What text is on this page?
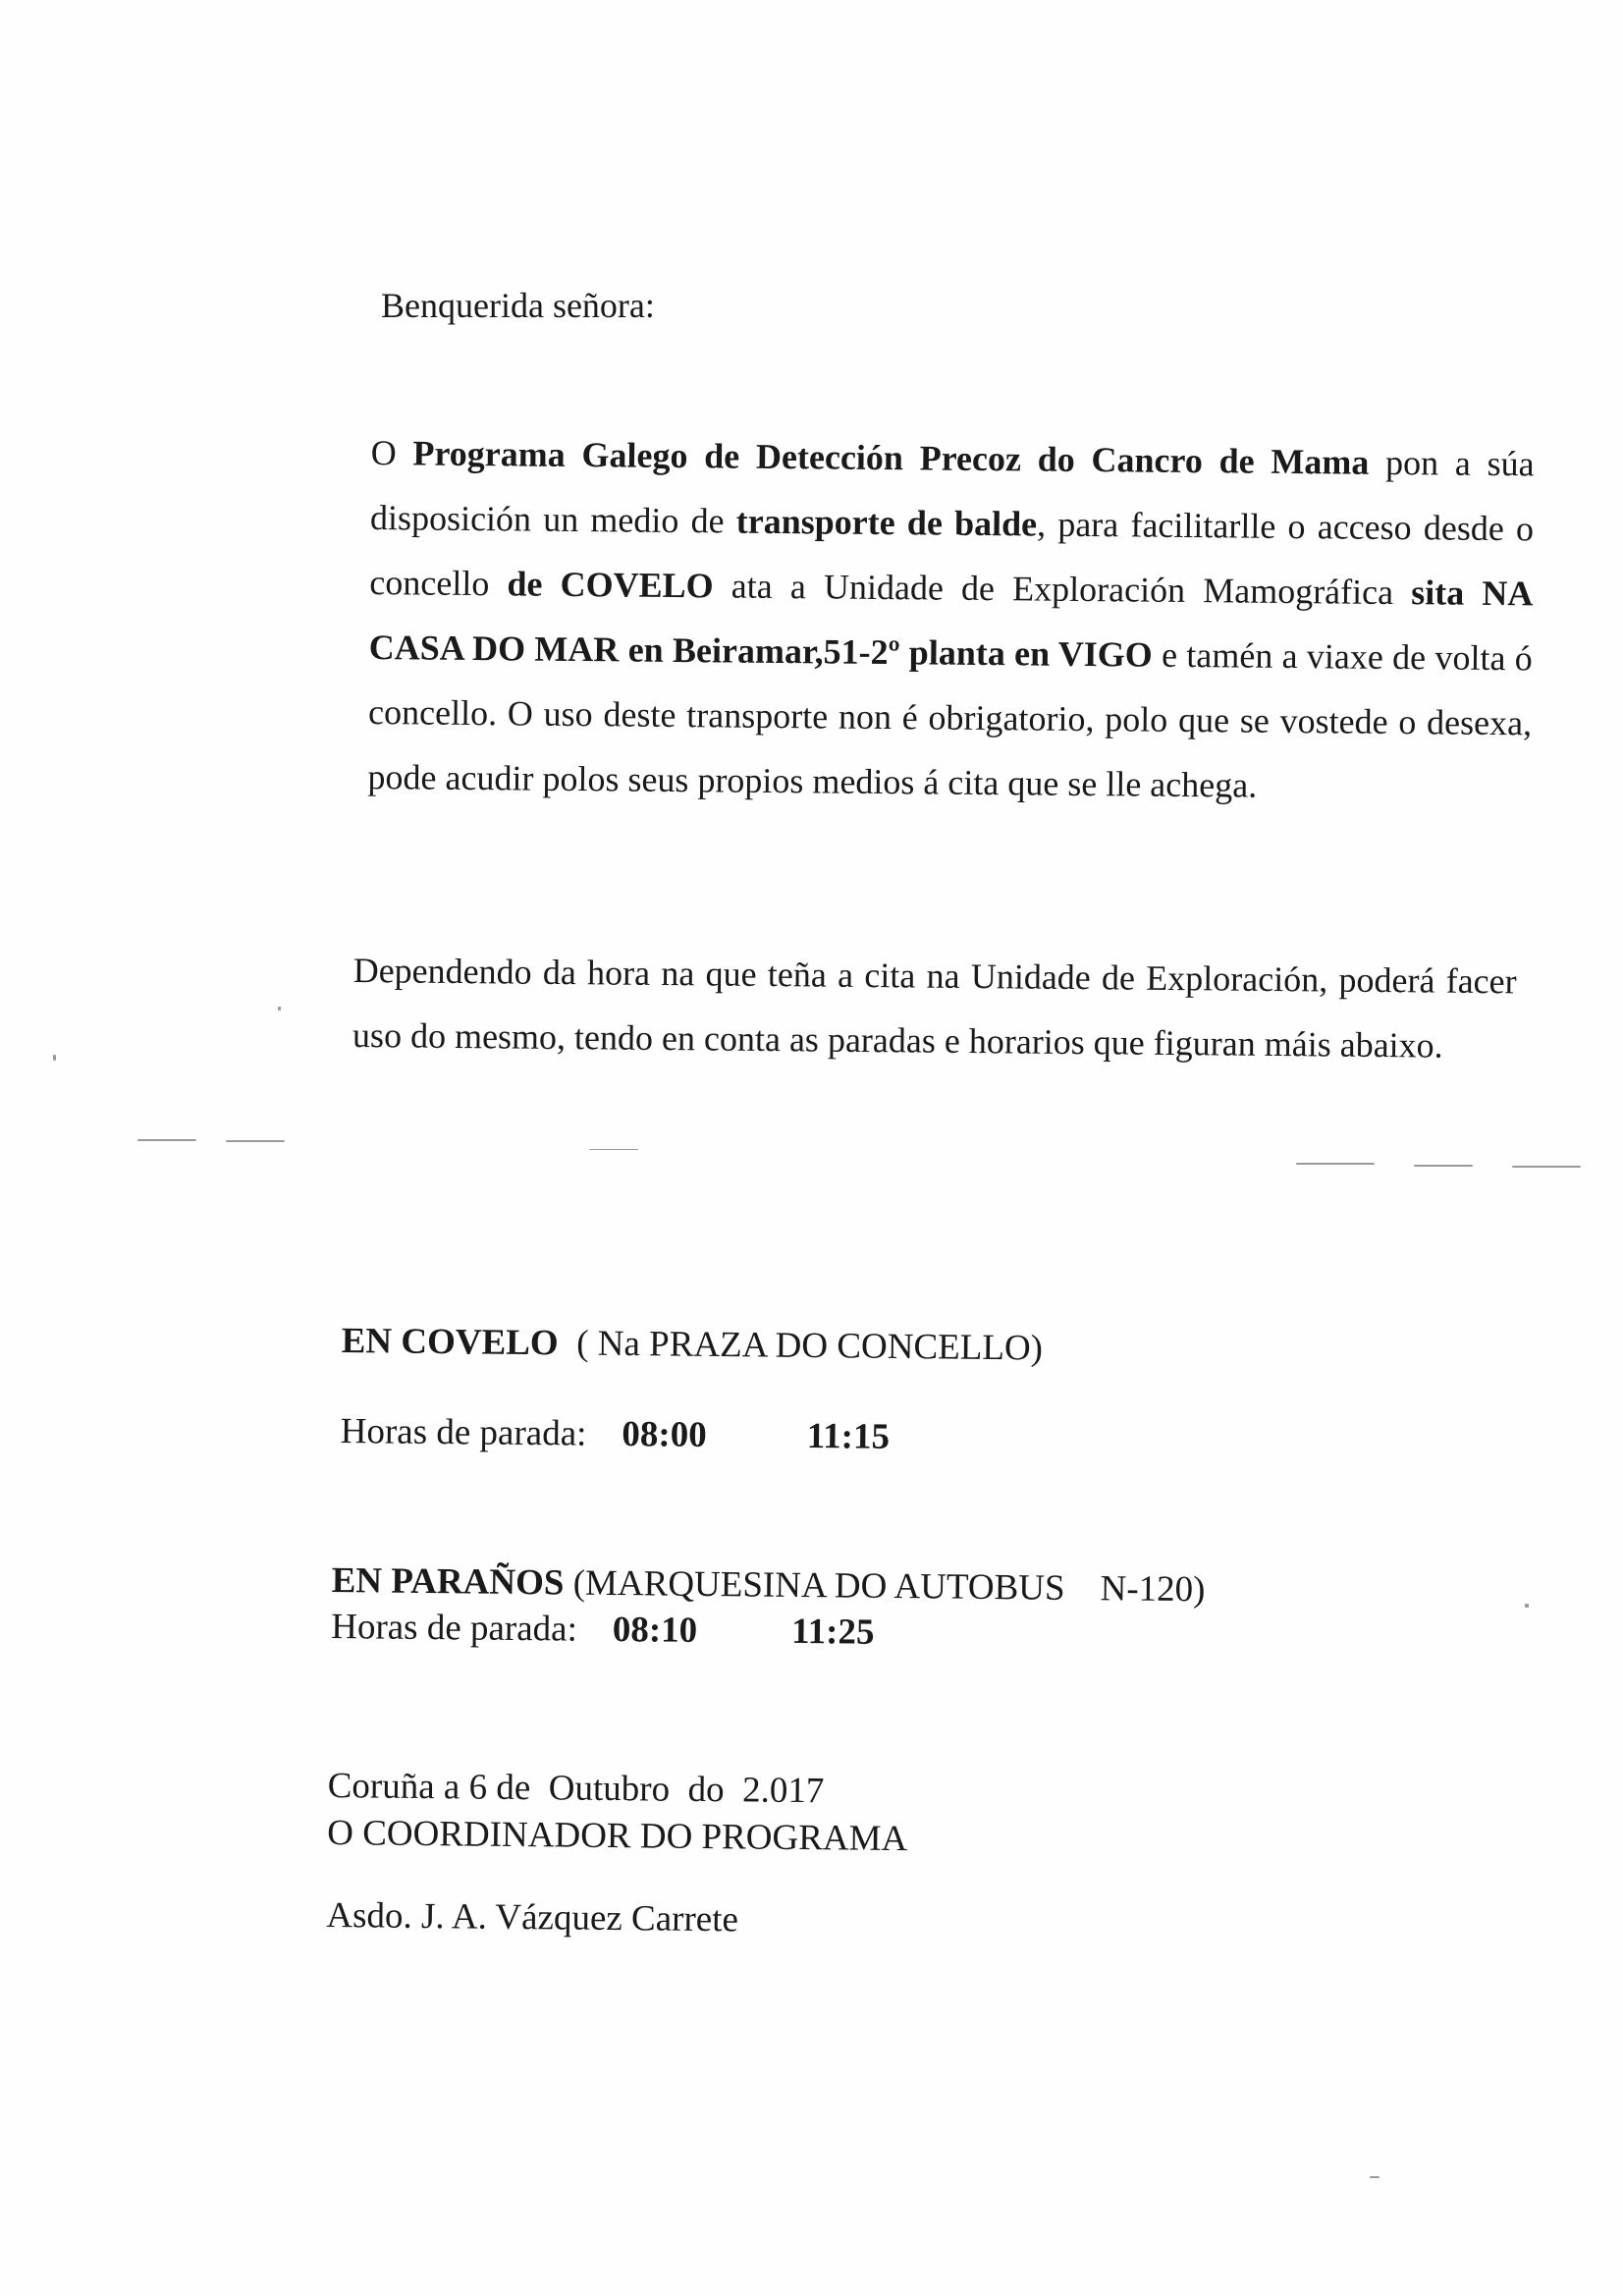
Benquerida señora:

O Programa Galego de Detección Precoz do Cancro de Mama pon a súa disposición un medio de transporte de balde, para facilitarlle o acceso desde o concello de COVELO ata a Unidade de Exploración Mamográfica sita NA CASA DO MAR en Beiramar,51-2º planta en VIGO e tamén a viaxe de volta ó concello. O uso deste transporte non é obrigatorio, polo que se vostede o desexa, pode acudir polos seus propios medios á cita que se lle achega.

Dependendo da hora na que teña a cita na Unidade de Exploración, poderá facer uso do mesmo, tendo en conta as paradas e horarios que figuran máis abaixo.

EN COVELO ( Na PRAZA DO CONCELLO)
Horas de parada: 08:00	11:15
EN PARAÑOS (MARQUESINA DO AUTOBUS N-120)
Horas de parada: 08:10	11:25
Coruña a 6 de  Outubro  do  2.017
O COORDINADOR DO PROGRAMA
Asdo. J. A. Vázquez Carrete
